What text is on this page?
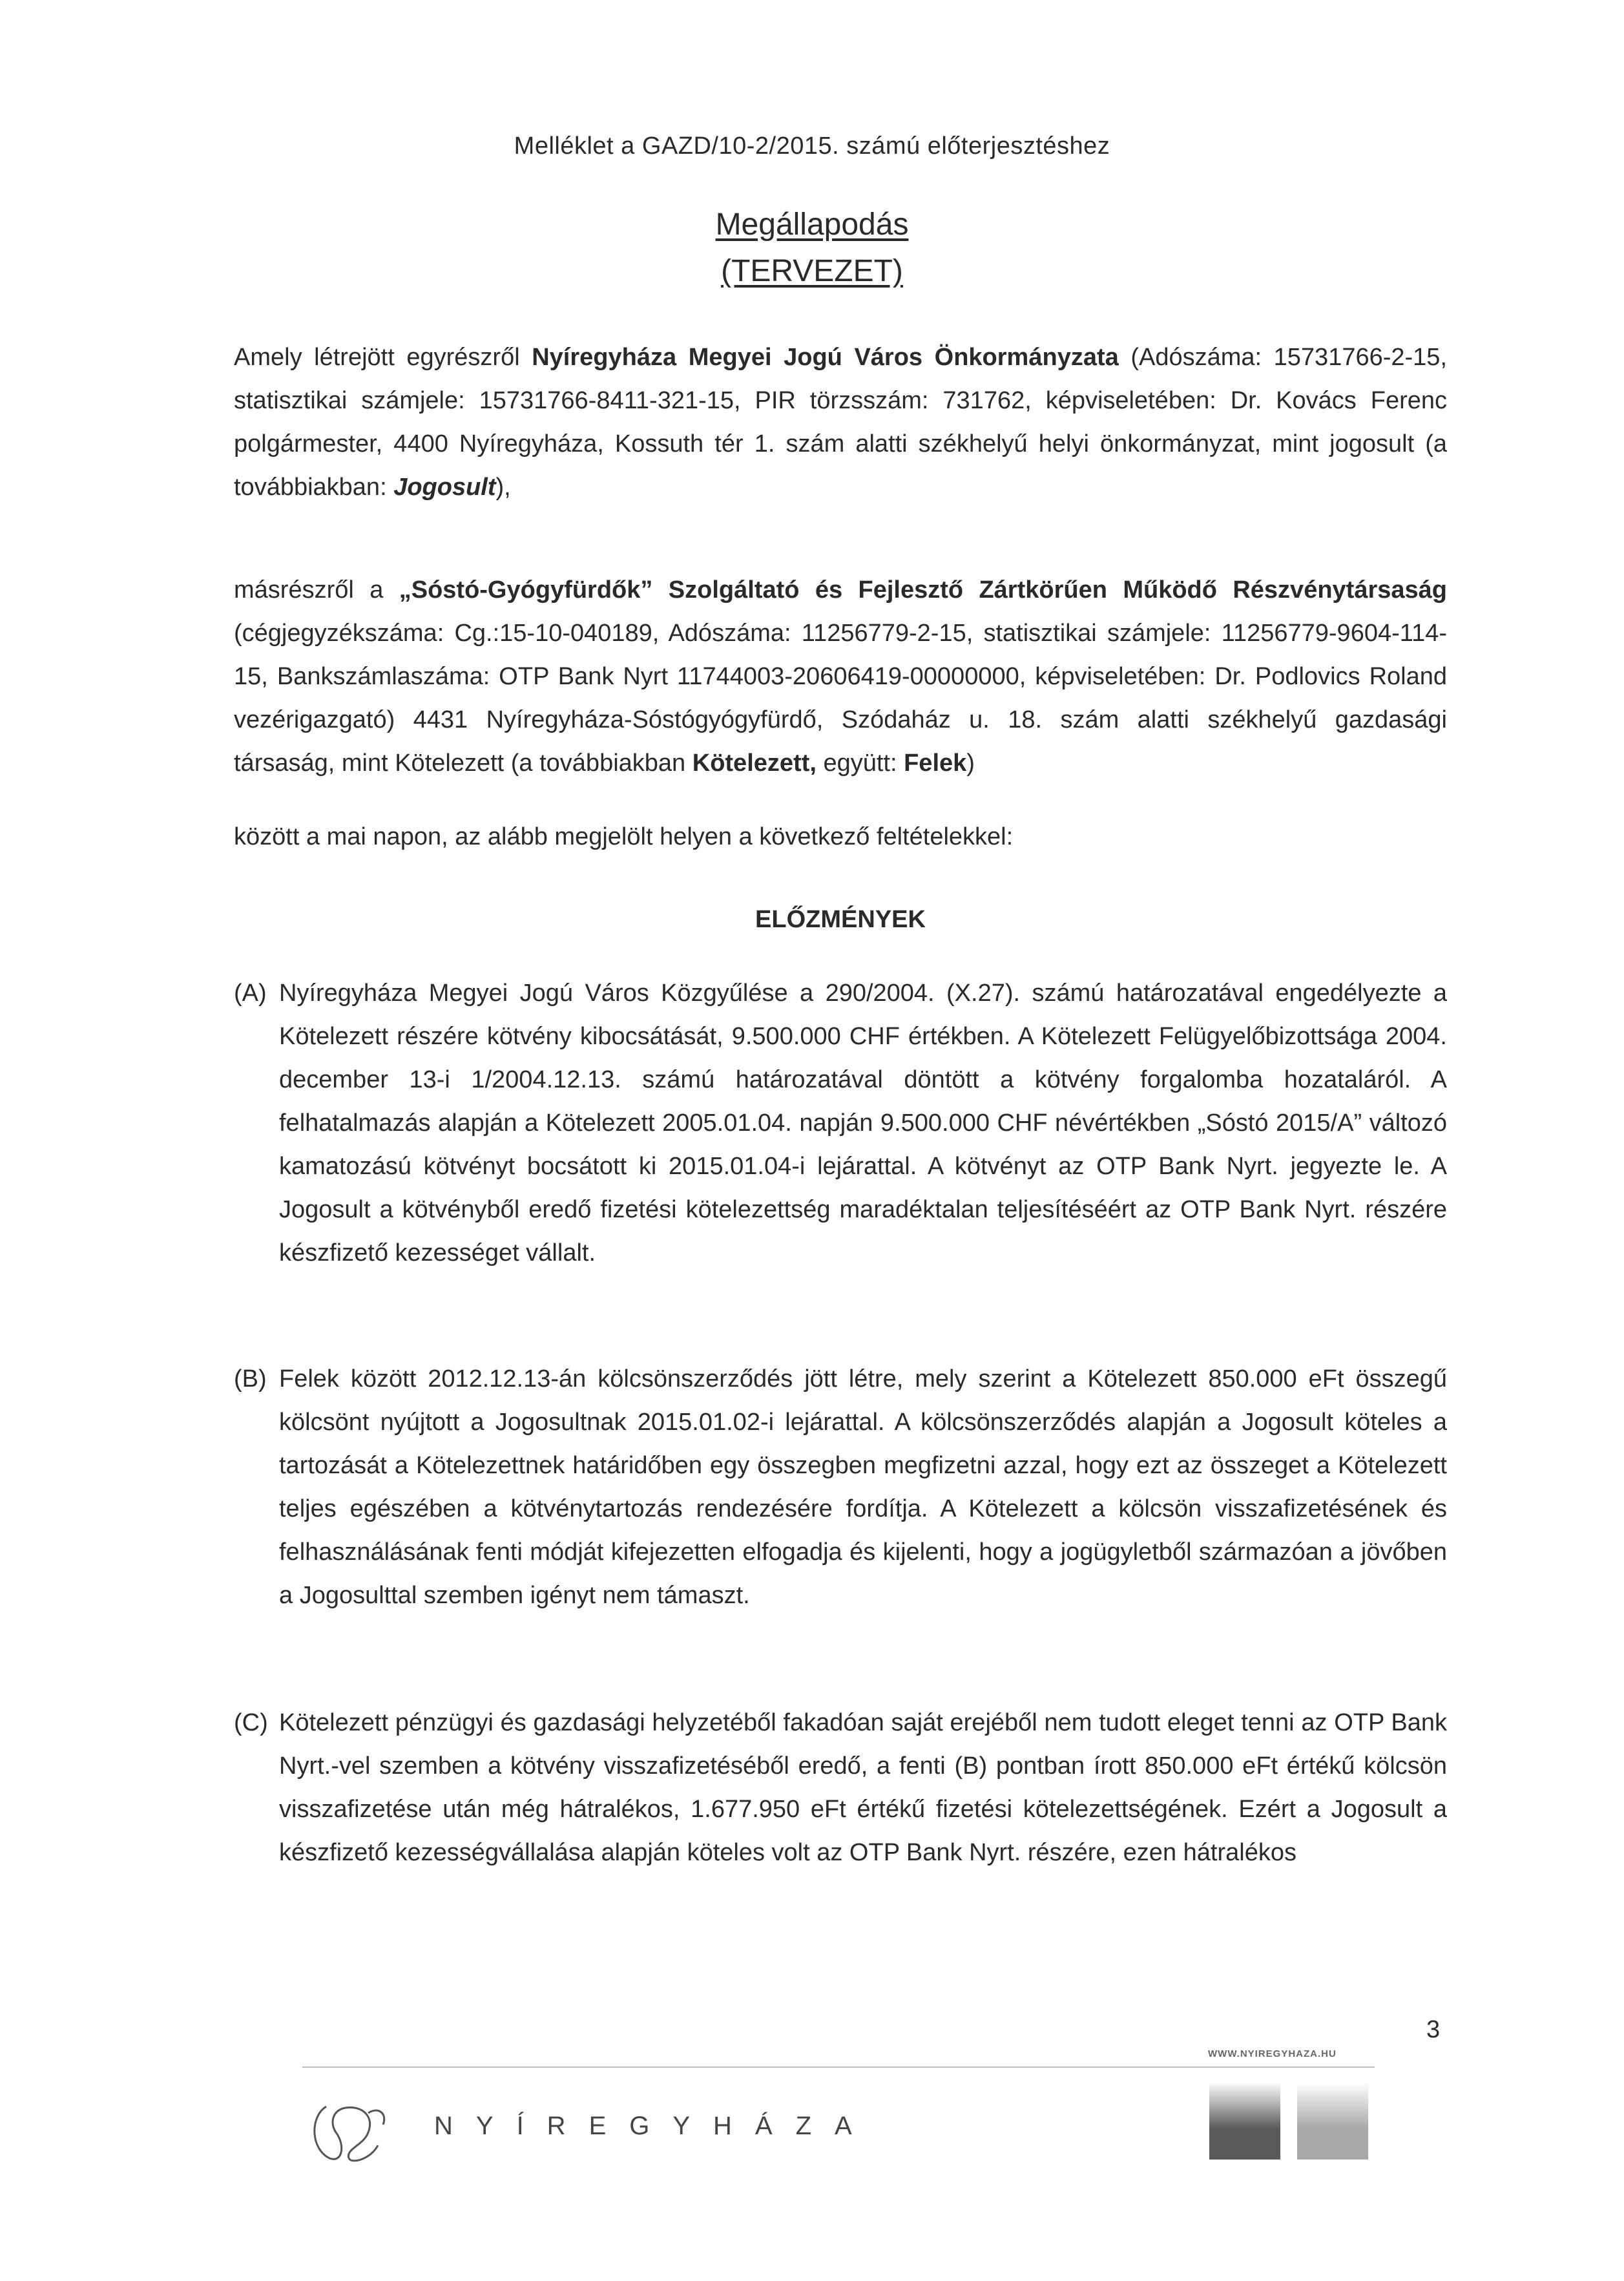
Melléklet a GAZD/10-2/2015. számú előterjesztéshez
Megállapodás
(TERVEZET)
Amely létrejött egyrészről Nyíregyháza Megyei Jogú Város Önkormányzata (Adószáma: 15731766-2-15, statisztikai számjele: 15731766-8411-321-15, PIR törzsszám: 731762, képviseletében: Dr. Kovács Ferenc polgármester, 4400 Nyíregyháza, Kossuth tér 1. szám alatti székhelyű helyi önkormányzat, mint jogosult (a továbbiakban: Jogosult),
másrészről a „Sóstó-Gyógyfürdők” Szolgáltató és Fejlesztő Zártkörűen Működő Részvénytársaság (cégjegyzékszáma: Cg.:15-10-040189, Adószáma: 11256779-2-15, statisztikai számjele: 11256779-9604-114-15, Bankszámlaszáma: OTP Bank Nyrt 11744003-20606419-00000000, képviseletében: Dr. Podlovics Roland vezérigazgató) 4431 Nyíregyháza-Sóstógyógyfürdő, Szódaház u. 18. szám alatti székhelyű gazdasági társaság, mint Kötelezett (a továbbiakban Kötelezett, együtt: Felek)
között a mai napon, az alább megjelölt helyen a következő feltételekkel:
ELŐZMÉNYEK
(A) Nyíregyháza Megyei Jogú Város Közgyűlése a 290/2004. (X.27). számú határozatával engedélyezte a Kötelezett részére kötvény kibocsátását, 9.500.000 CHF értékben. A Kötelezett Felügyelőbizottsága 2004. december 13-i 1/2004.12.13. számú határozatával döntött a kötvény forgalomba hozataláról. A felhatalmazás alapján a Kötelezett 2005.01.04. napján 9.500.000 CHF névértékben „Sóstó 2015/A” változó kamatozású kötvényt bocsátott ki 2015.01.04-i lejárattal. A kötvényt az OTP Bank Nyrt. jegyezte le. A Jogosult a kötvényből eredő fizetési kötelezettség maradéktalan teljesítéséért az OTP Bank Nyrt. részére készfizető kezességet vállalt.
(B) Felek között 2012.12.13-án kölcsönszerződés jött létre, mely szerint a Kötelezett 850.000 eFt összegű kölcsönt nyújtott a Jogosultnak 2015.01.02-i lejárattal. A kölcsönszerződés alapján a Jogosult köteles a tartozását a Kötelezettnek határidőben egy összegben megfizetni azzal, hogy ezt az összeget a Kötelezett teljes egészében a kötvénytartozás rendezésére fordítja. A Kötelezett a kölcsön visszafizetésének és felhasználásának fenti módját kifejezetten elfogadja és kijelenti, hogy a jogügyletből származóan a jövőben a Jogosulttal szemben igényt nem támaszt.
(C) Kötelezett pénzügyi és gazdasági helyzetéből fakadóan saját erejéből nem tudott eleget tenni az OTP Bank Nyrt.-vel szemben a kötvény visszafizetéséből eredő, a fenti (B) pontban írott 850.000 eFt értékű kölcsön visszafizetése után még hátralékos, 1.677.950 eFt értékű fizetési kötelezettségének. Ezért a Jogosult a készfizető kezességvállalása alapján köteles volt az OTP Bank Nyrt. részére, ezen hátralékos
3
WWW.NYIREGYHAZA.HU
NYÍREGYHÁZA
